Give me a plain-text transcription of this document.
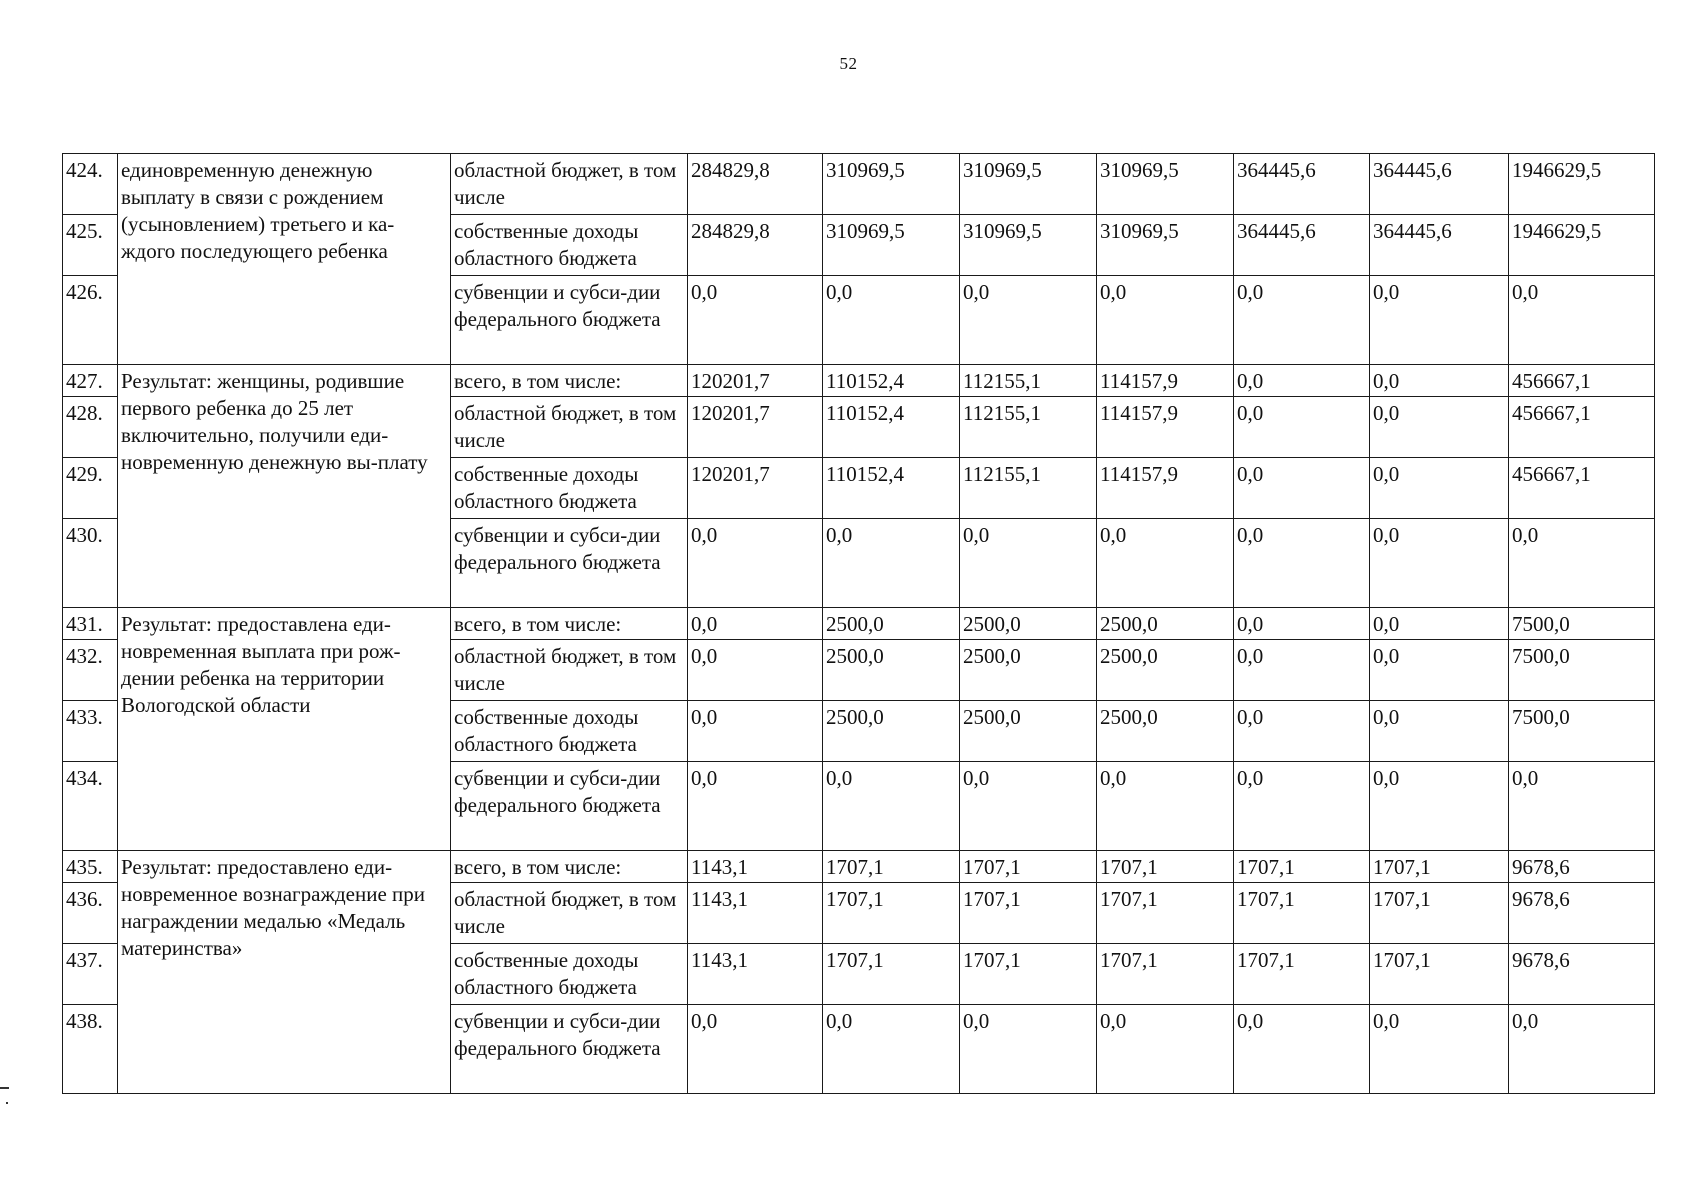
52
424.	единовременную денежную выплату в связи с рождением (усыновлением) третьего и ка-ждого последующего ребенка	областной бюджет, в том числе	284829,8	310969,5	310969,5	310969,5	364445,6	364445,6	1946629,5
425.		собственные доходы областного бюджета	284829,8	310969,5	310969,5	310969,5	364445,6	364445,6	1946629,5
426.		субвенции и субси-дии федерального бюджета	0,0	0,0	0,0	0,0	0,0	0,0	0,0
427.	Результат: женщины, родившие первого ребенка до 25 лет включительно, получили еди-новременную денежную вы-плату	всего, в том числе:	120201,7	110152,4	112155,1	114157,9	0,0	0,0	456667,1
428.		областной бюджет, в том числе	120201,7	110152,4	112155,1	114157,9	0,0	0,0	456667,1
429.		собственные доходы областного бюджета	120201,7	110152,4	112155,1	114157,9	0,0	0,0	456667,1
430.		субвенции и субси-дии федерального бюджета	0,0	0,0	0,0	0,0	0,0	0,0	0,0
431.	Результат: предоставлена еди-новременная выплата при рож-дении ребенка на территории Вологодской области	всего, в том числе:	0,0	2500,0	2500,0	2500,0	0,0	0,0	7500,0
432.		областной бюджет, в том числе	0,0	2500,0	2500,0	2500,0	0,0	0,0	7500,0
433.		собственные доходы областного бюджета	0,0	2500,0	2500,0	2500,0	0,0	0,0	7500,0
434.		субвенции и субси-дии федерального бюджета	0,0	0,0	0,0	0,0	0,0	0,0	0,0
435.	Результат: предоставлено еди-новременное вознаграждение при награждении медалью «Медаль материнства»	всего, в том числе:	1143,1	1707,1	1707,1	1707,1	1707,1	1707,1	9678,6
436.		областной бюджет, в том числе	1143,1	1707,1	1707,1	1707,1	1707,1	1707,1	9678,6
437.		собственные доходы областного бюджета	1143,1	1707,1	1707,1	1707,1	1707,1	1707,1	9678,6
438.		субвенции и субси-дии федерального бюджета	0,0	0,0	0,0	0,0	0,0	0,0	0,0
